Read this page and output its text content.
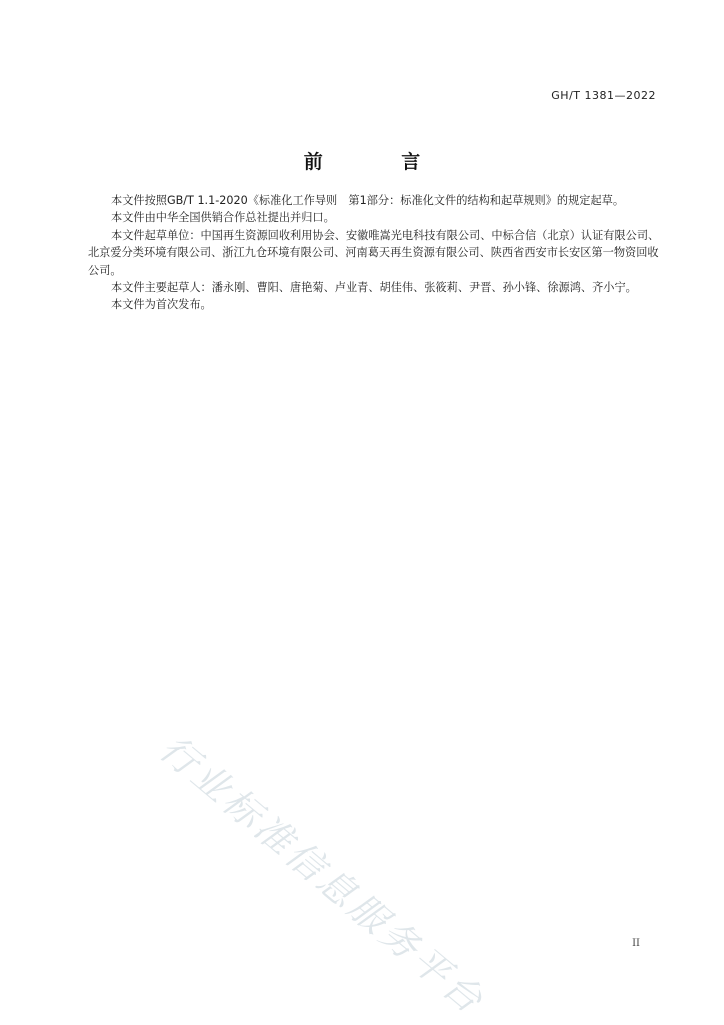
GH/T 1381—2022
前 言

本文件按照GB/T 1.1-2020《标准化工作导则　第1部分：标准化文件的结构和起草规则》的规定起草。

本文件由中华全国供销合作总社提出并归口。

本文件起草单位：中国再生资源回收利用协会、安徽唯嵩光电科技有限公司、中标合信（北京）认证有限公司、北京爱分类环境有限公司、浙江九仓环境有限公司、河南葛天再生资源有限公司、陕西省西安市长安区第一物资回收公司。

本文件主要起草人：潘永刚、曹阳、唐艳菊、卢业青、胡佳伟、张筱莉、尹晋、孙小锋、徐源鸿、齐小宁。

本文件为首次发布。

行业标准信息服务平台	II
